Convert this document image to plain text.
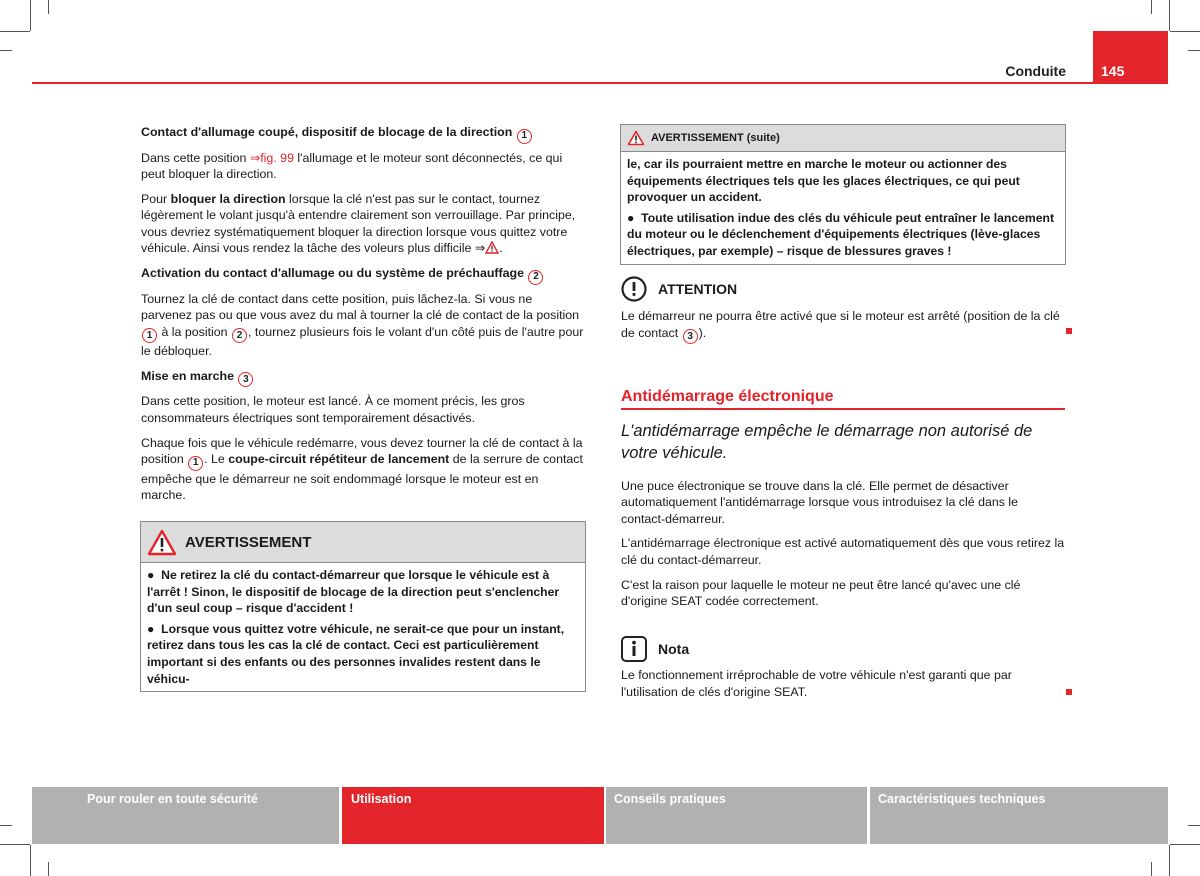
Conduite	145
Contact d'allumage coupé, dispositif de blocage de la direction 1

Dans cette position ⇒fig. 99 l'allumage et le moteur sont déconnectés, ce qui peut bloquer la direction.

Pour bloquer la direction lorsque la clé n'est pas sur le contact, tournez légèrement le volant jusqu'à entendre clairement son verrouillage. Par principe, vous devriez systématiquement bloquer la direction lorsque vous quittez votre véhicule. Ainsi vous rendez la tâche des voleurs plus difficile ⇒ .

Activation du contact d'allumage ou du système de préchauffage 2

Tournez la clé de contact dans cette position, puis lâchez-la. Si vous ne parvenez pas ou que vous avez du mal à tourner la clé de contact de la position 1 à la position 2 , tournez plusieurs fois le volant d'un côté puis de l'autre pour le débloquer.

Mise en marche 3

Dans cette position, le moteur est lancé. À ce moment précis, les gros consommateurs électriques sont temporairement désactivés.

Chaque fois que le véhicule redémarre, vous devez tourner la clé de contact à la position 1 . Le coupe-circuit répétiteur de lancement de la serrure de contact empêche que le démarreur ne soit endommagé lorsque le moteur est en marche.

AVERTISSEMENT

● Ne retirez la clé du contact-démarreur que lorsque le véhicule est à l'arrêt ! Sinon, le dispositif de blocage de la direction peut s'enclencher d'un seul coup – risque d'accident !

● Lorsque vous quittez votre véhicule, ne serait-ce que pour un instant, retirez dans tous les cas la clé de contact. Ceci est particulièrement important si des enfants ou des personnes invalides restent dans le véhicu-

AVERTISSEMENT (suite)

le, car ils pourraient mettre en marche le moteur ou actionner des équipements électriques tels que les glaces électriques, ce qui peut provoquer un accident.

● Toute utilisation indue des clés du véhicule peut entraîner le lancement du moteur ou le déclenchement d'équipements électriques (lève-glaces électriques, par exemple) – risque de blessures graves !

ATTENTION

Le démarreur ne pourra être activé que si le moteur est arrêté (position de la clé de contact 3 ).

Antidémarrage électronique
L'antidémarrage empêche le démarrage non autorisé de votre véhicule.

Une puce électronique se trouve dans la clé. Elle permet de désactiver automatiquement l'antidémarrage lorsque vous introduisez la clé dans le contact-démarreur.

L'antidémarrage électronique est activé automatiquement dès que vous retirez la clé du contact-démarreur.

C'est la raison pour laquelle le moteur ne peut être lancé qu'avec une clé d'origine SEAT codée correctement.

Nota

Le fonctionnement irréprochable de votre véhicule n'est garanti que par l'utilisation de clés d'origine SEAT.

Pour rouler en toute sécurité	Utilisation	Conseils pratiques	Caractéristiques techniques
